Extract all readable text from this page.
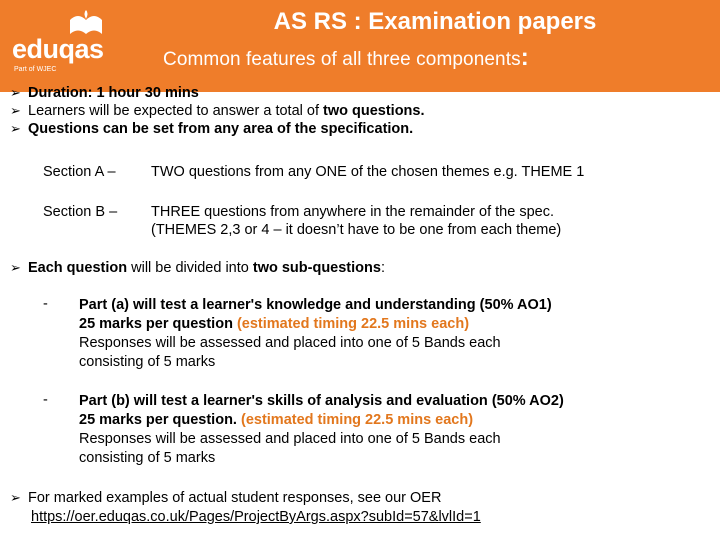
eduqas
Part of WJEC
AS RS : Examination papers
Common features of all three components:
➢ Duration: 1 hour 30 mins
➢ Learners will be expected to answer a total of two questions.
➢ Questions can be set from any area of the specification.
Section A – TWO questions from any ONE of the chosen themes e.g. THEME 1
Section B – THREE questions from anywhere in the remainder of the spec.
(THEMES 2,3 or 4 – it doesn’t have to be one from each theme)
➢ Each question will be divided into two sub-questions:
- Part (a) will test a learner's knowledge and understanding (50% AO1)
25 marks per question (estimated timing 22.5 mins each)
Responses will be assessed and placed into one of 5 Bands each
consisting of 5 marks
- Part (b) will test a learner's skills of analysis and evaluation (50% AO2)
25 marks per question. (estimated timing 22.5 mins each)
Responses will be assessed and placed into one of 5 Bands each
consisting of 5 marks
➢ For marked examples of actual student responses, see our OER
https://oer.eduqas.co.uk/Pages/ProjectByArgs.aspx?subId=57&lvlId=1
